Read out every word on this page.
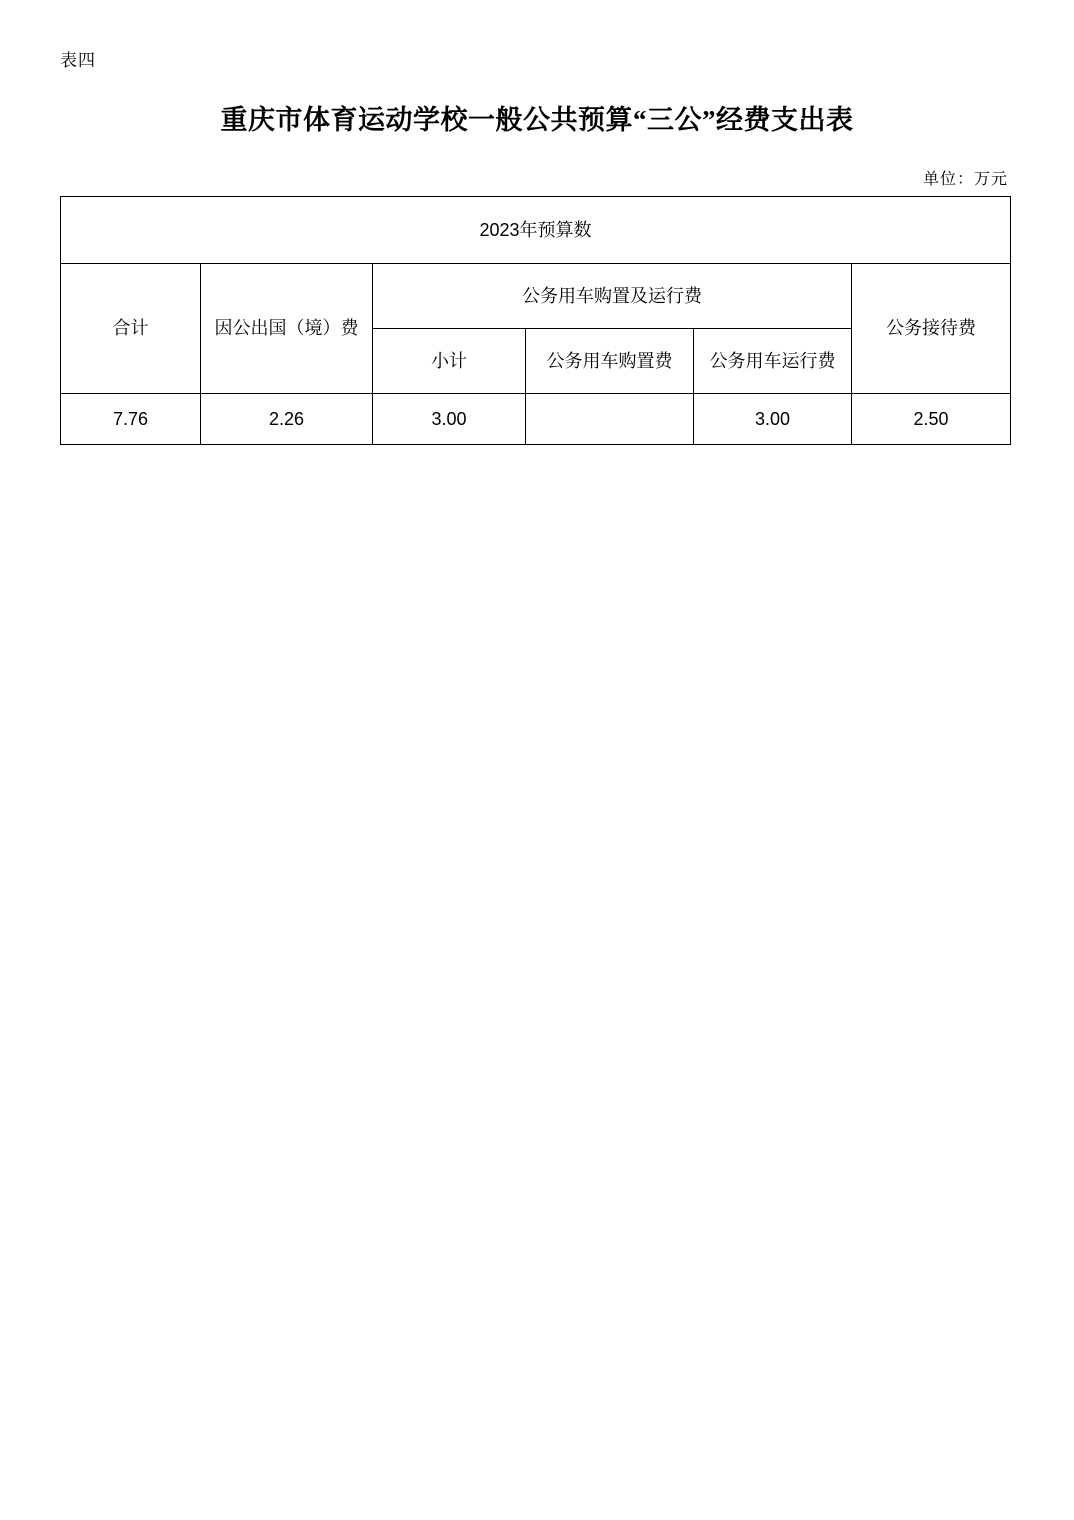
表四
重庆市体育运动学校一般公共预算“三公”经费支出表
单位：万元
2023年预算数					
合计	因公出国（境）费	公务用车购置及运行费			公务接待费
		小计	公务用车购置费	公务用车运行费	
7.76	2.26	3.00		3.00	2.50
